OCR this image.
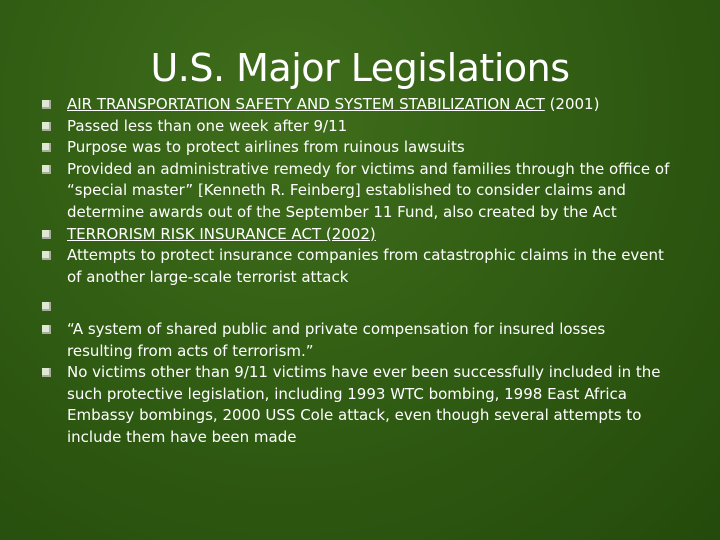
U.S. Major Legislations
AIR TRANSPORTATION SAFETY AND SYSTEM STABILIZATION ACT (2001)
Passed less than one week after 9/11
Purpose was to protect airlines from ruinous lawsuits
Provided an administrative remedy for victims and families through the office of “special master” [Kenneth R. Feinberg] established to consider claims and determine awards out of the September 11 Fund, also created by the Act
TERRORISM RISK INSURANCE ACT (2002)
Attempts to protect insurance companies from catastrophic claims in the event of another large-scale terrorist attack
“A system of shared public and private compensation for insured losses resulting from acts of terrorism.”
No victims other than 9/11 victims have ever been successfully included in the such protective legislation, including 1993 WTC bombing, 1998 East Africa Embassy bombings, 2000 USS Cole attack, even though several attempts to include them have been made
